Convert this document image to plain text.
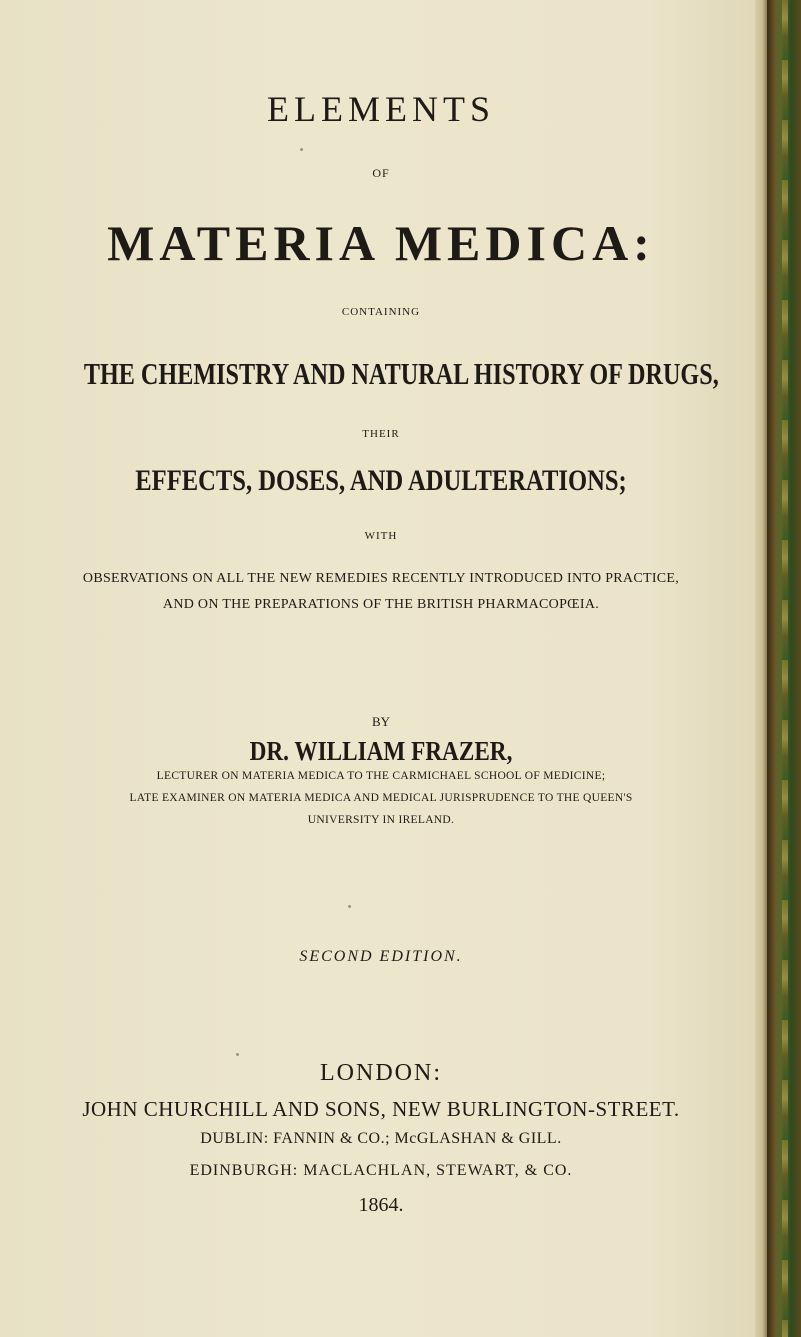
ELEMENTS
OF
MATERIA MEDICA:
CONTAINING
THE CHEMISTRY AND NATURAL HISTORY OF DRUGS,
THEIR
EFFECTS, DOSES, AND ADULTERATIONS;
WITH
OBSERVATIONS ON ALL THE NEW REMEDIES RECENTLY INTRODUCED INTO PRACTICE,
AND ON THE PREPARATIONS OF THE BRITISH PHARMACOPŒIA.
BY
DR. WILLIAM FRAZER,
LECTURER ON MATERIA MEDICA TO THE CARMICHAEL SCHOOL OF MEDICINE;
LATE EXAMINER ON MATERIA MEDICA AND MEDICAL JURISPRUDENCE TO THE QUEEN'S
UNIVERSITY IN IRELAND.
SECOND EDITION.
LONDON:
JOHN CHURCHILL AND SONS, NEW BURLINGTON-STREET.
DUBLIN: FANNIN & CO.; McGLASHAN & GILL.
EDINBURGH: MACLACHLAN, STEWART, & CO.
1864.
